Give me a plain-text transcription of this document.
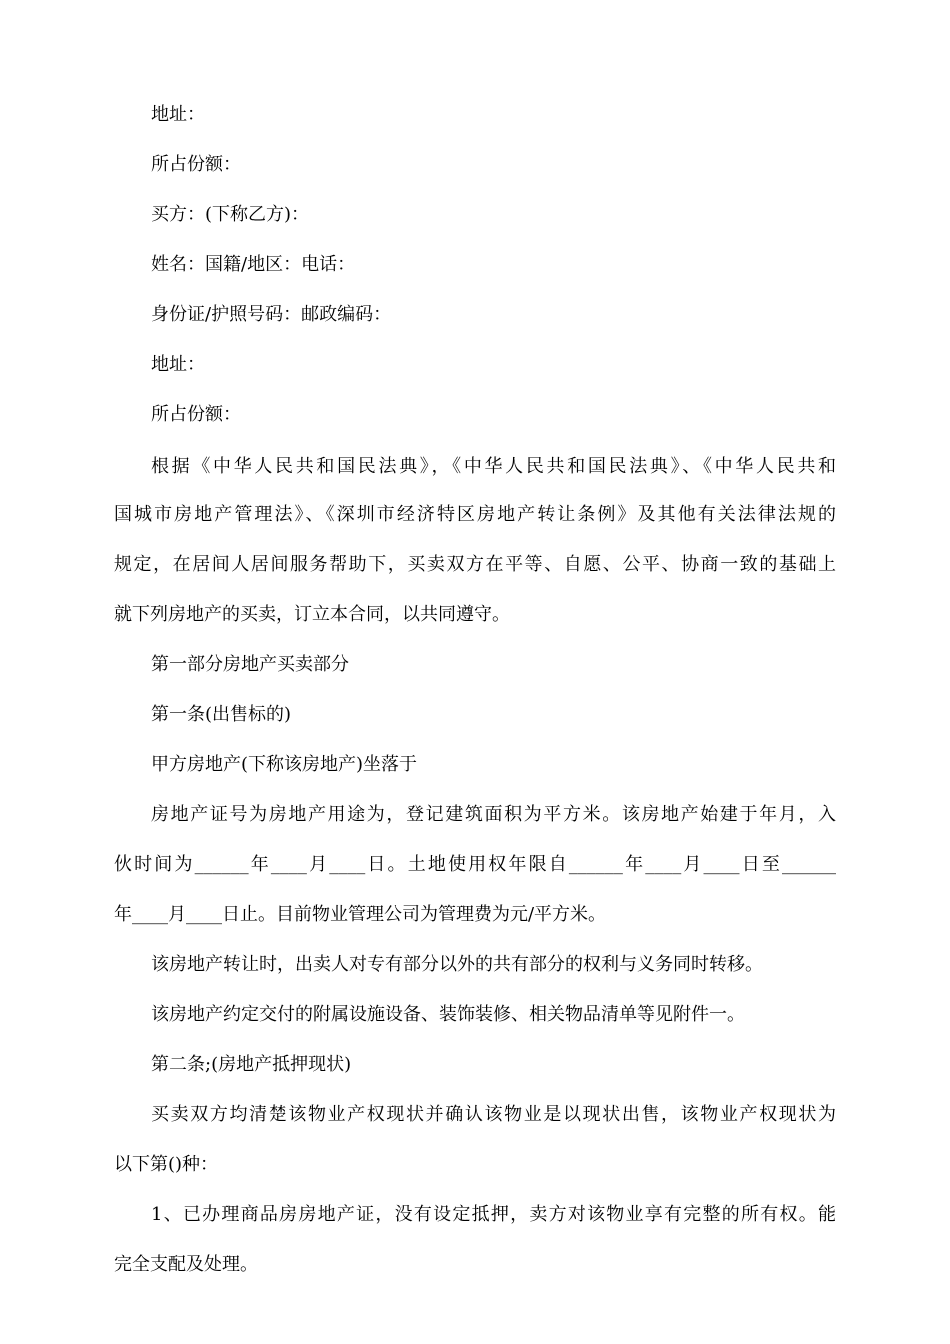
地址：
所占份额：
买方：(下称乙方)：
姓名：国籍/地区：电话：
身份证/护照号码：邮政编码：
地址：
所占份额：
根据《中华人民共和国民法典》，《中华人民共和国民法典》、《中华人民共和
国城市房地产管理法》、《深圳市经济特区房地产转让条例》及其他有关法律法规的
规定，在居间人居间服务帮助下，买卖双方在平等、自愿、公平、协商一致的基础上
就下列房地产的买卖，订立本合同，以共同遵守。
第一部分房地产买卖部分
第一条(出售标的)
甲方房地产(下称该房地产)坐落于
房地产证号为房地产用途为，登记建筑面积为平方米。该房地产始建于年月，入
伙时间为______年____月____日。土地使用权年限自______年____月____日至______
年____月____日止。目前物业管理公司为管理费为元/平方米。
该房地产转让时，出卖人对专有部分以外的共有部分的权利与义务同时转移。
该房地产约定交付的附属设施设备、装饰装修、相关物品清单等见附件一。
第二条;(房地产抵押现状)
买卖双方均清楚该物业产权现状并确认该物业是以现状出售，该物业产权现状为
以下第()种：
1、已办理商品房房地产证，没有设定抵押，卖方对该物业享有完整的所有权。能
完全支配及处理。
